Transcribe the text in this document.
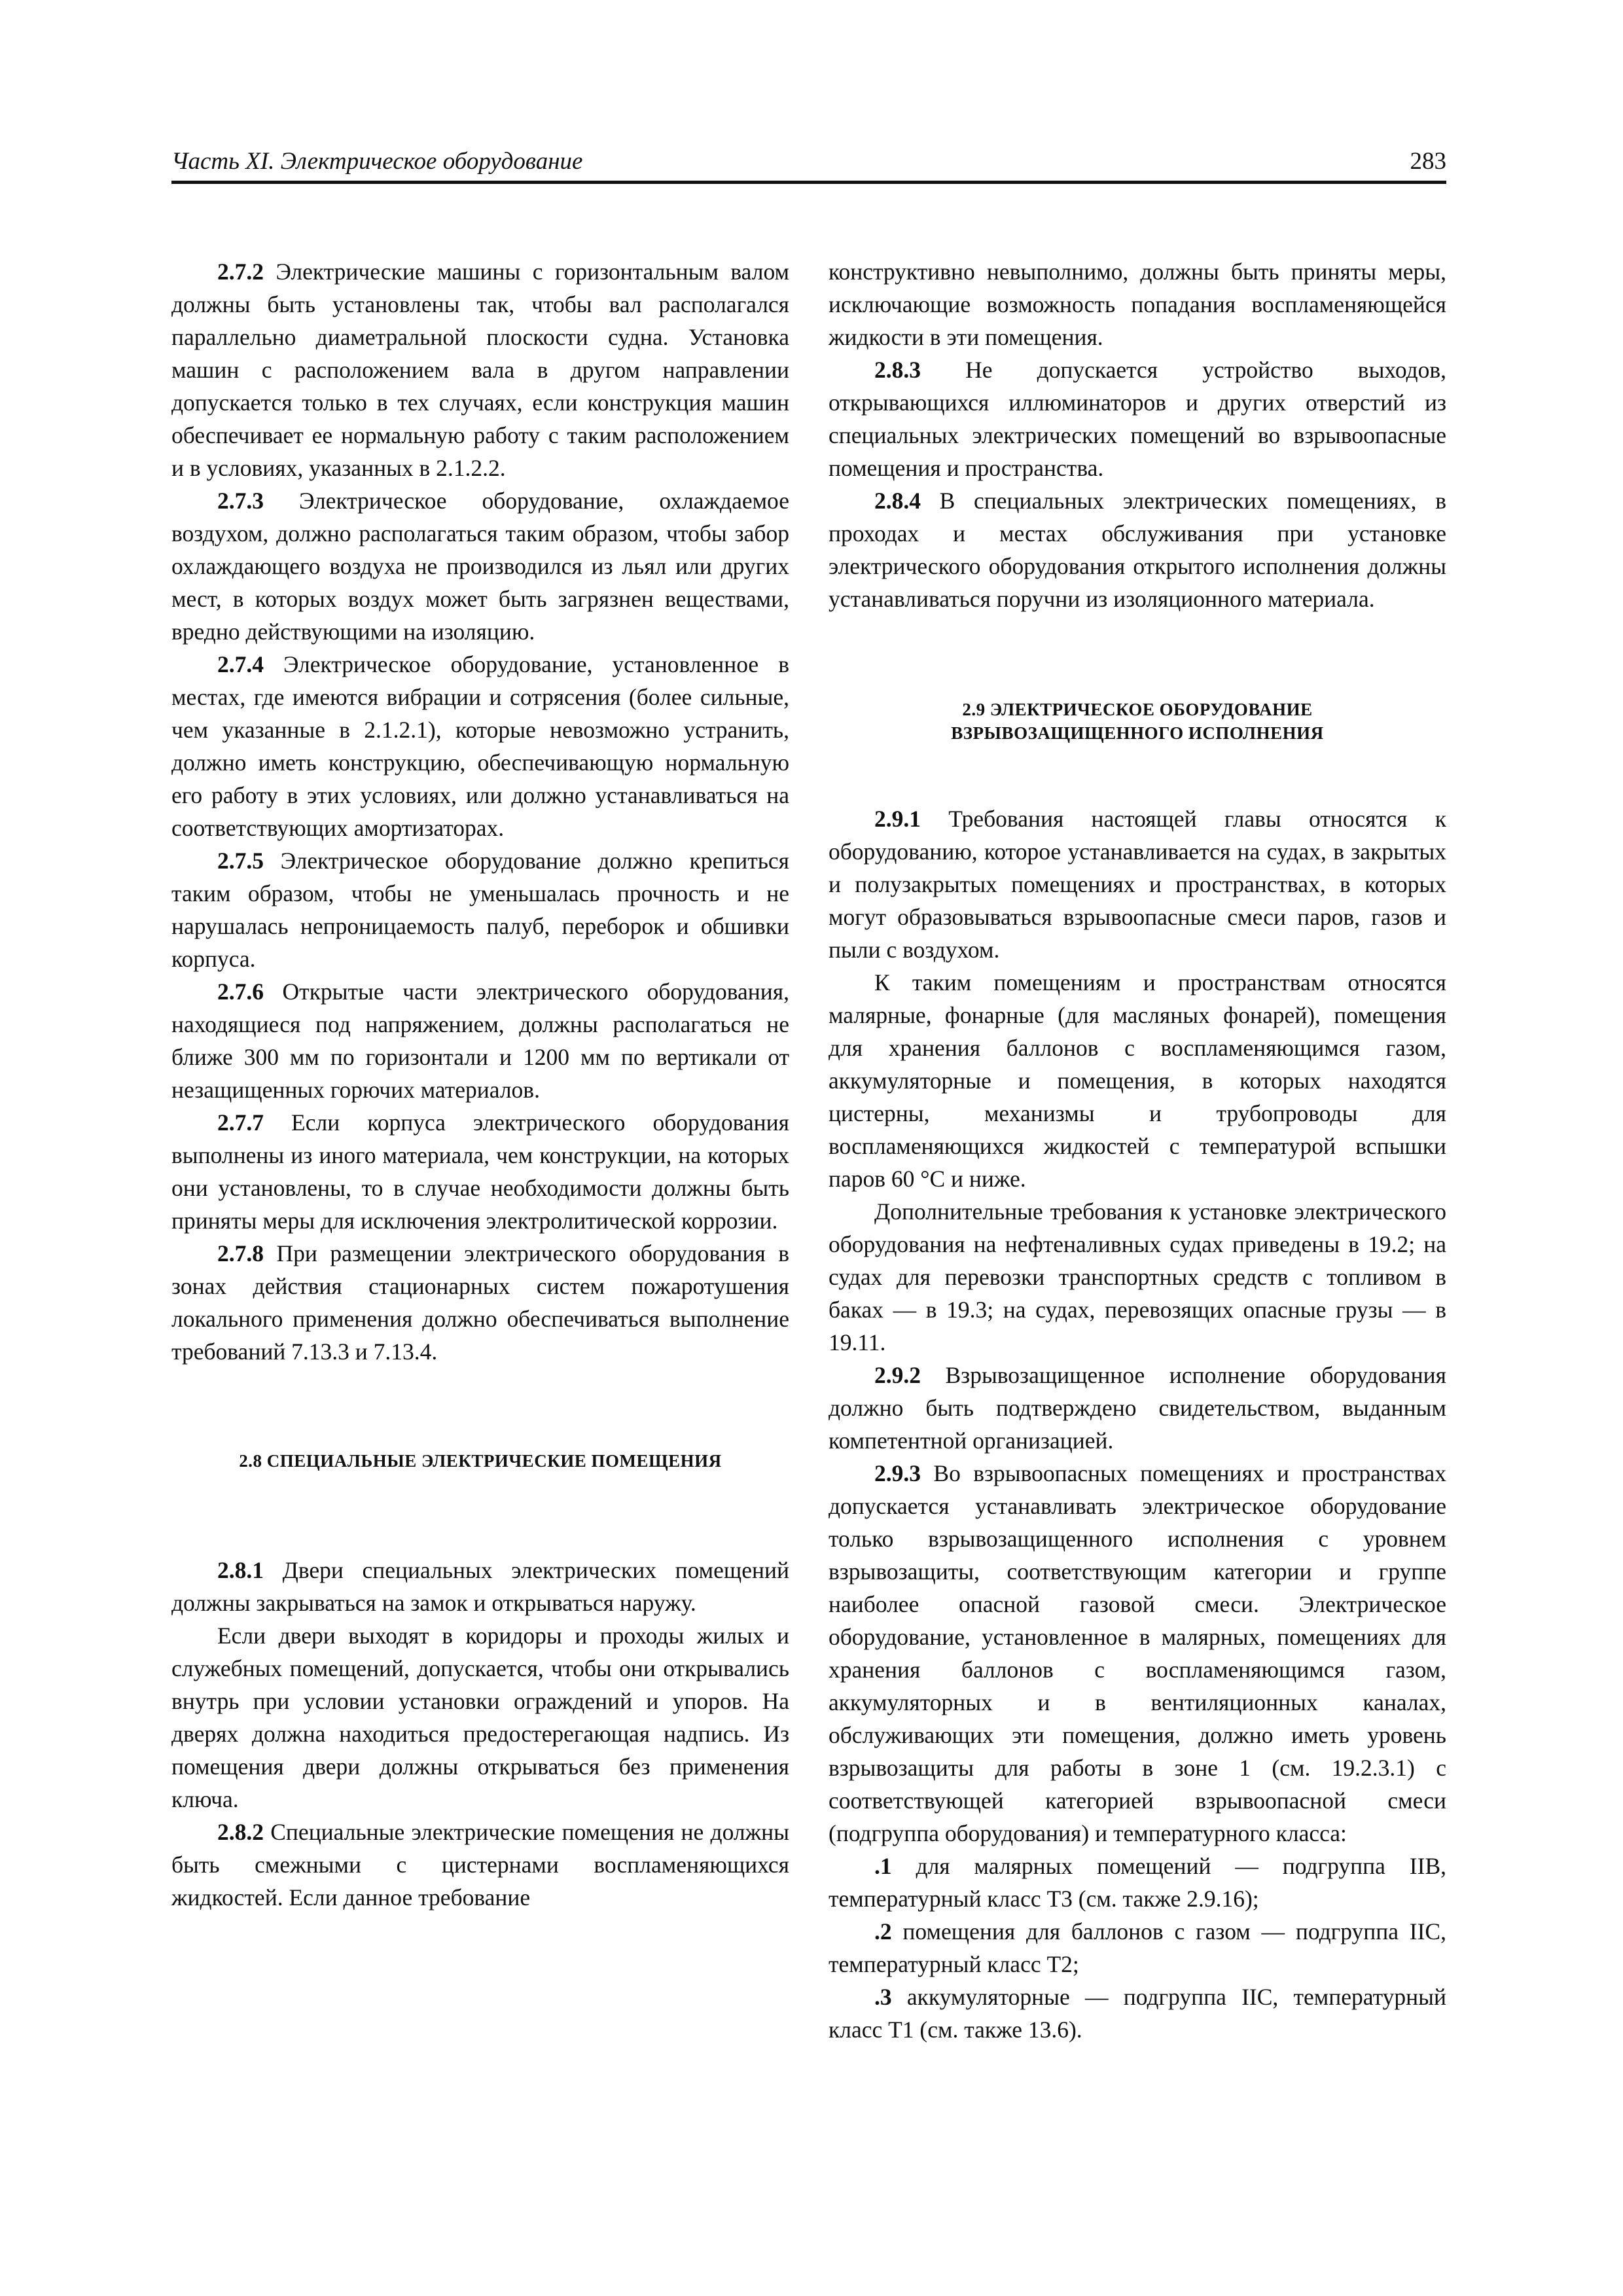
Часть XI. Электрическое оборудование	283

2.7.2 Электрические машины с горизонтальным валом должны быть установлены так, чтобы вал располагался параллельно диаметральной плоскости судна. Установка машин с расположением вала в другом направлении допускается только в тех случаях, если конструкция машин обеспечивает ее нормальную работу с таким расположением и в условиях, указанных в 2.1.2.2.

2.7.3 Электрическое оборудование, охлаждаемое воздухом, должно располагаться таким образом, чтобы забор охлаждающего воздуха не производился из льял или других мест, в которых воздух может быть загрязнен веществами, вредно действующими на изоляцию.

2.7.4 Электрическое оборудование, установленное в местах, где имеются вибрации и сотрясения (более сильные, чем указанные в 2.1.2.1), которые невозможно устранить, должно иметь конструкцию, обеспечивающую нормальную его работу в этих условиях, или должно устанавливаться на соответствующих амортизаторах.

2.7.5 Электрическое оборудование должно крепиться таким образом, чтобы не уменьшалась прочность и не нарушалась непроницаемость палуб, переборок и обшивки корпуса.

2.7.6 Открытые части электрического оборудования, находящиеся под напряжением, должны располагаться не ближе 300 мм по горизонтали и 1200 мм по вертикали от незащищенных горючих материалов.

2.7.7 Если корпуса электрического оборудования выполнены из иного материала, чем конструкции, на которых они установлены, то в случае необходимости должны быть приняты меры для исключения электролитической коррозии.

2.7.8 При размещении электрического оборудования в зонах действия стационарных систем пожаротушения локального применения должно обеспечиваться выполнение требований 7.13.3 и 7.13.4.

2.8 СПЕЦИАЛЬНЫЕ ЭЛЕКТРИЧЕСКИЕ ПОМЕЩЕНИЯ

2.8.1 Двери специальных электрических помещений должны закрываться на замок и открываться наружу.

Если двери выходят в коридоры и проходы жилых и служебных помещений, допускается, чтобы они открывались внутрь при условии установки ограждений и упоров. На дверях должна находиться предостерегающая надпись. Из помещения двери должны открываться без применения ключа.

2.8.2 Специальные электрические помещения не должны быть смежными с цистернами воспламеняющихся жидкостей. Если данное требование

конструктивно невыполнимо, должны быть приняты меры, исключающие возможность попадания воспламеняющейся жидкости в эти помещения.

2.8.3 Не допускается устройство выходов, открывающихся иллюминаторов и других отверстий из специальных электрических помещений во взрывоопасные помещения и пространства.

2.8.4 В специальных электрических помещениях, в проходах и местах обслуживания при установке электрического оборудования открытого исполнения должны устанавливаться поручни из изоляционного материала.

2.9 ЭЛЕКТРИЧЕСКОЕ ОБОРУДОВАНИЕ
ВЗРЫВОЗАЩИЩЕННОГО ИСПОЛНЕНИЯ

2.9.1 Требования настоящей главы относятся к оборудованию, которое устанавливается на судах, в закрытых и полузакрытых помещениях и пространствах, в которых могут образовываться взрывоопасные смеси паров, газов и пыли с воздухом.

К таким помещениям и пространствам относятся малярные, фонарные (для масляных фонарей), помещения для хранения баллонов с воспламеняющимся газом, аккумуляторные и помещения, в которых находятся цистерны, механизмы и трубопроводы для воспламеняющихся жидкостей с температурой вспышки паров 60 °С и ниже.

Дополнительные требования к установке электрического оборудования на нефтеналивных судах приведены в 19.2; на судах для перевозки транспортных средств с топливом в баках — в 19.3; на судах, перевозящих опасные грузы — в 19.11.

2.9.2 Взрывозащищенное исполнение оборудования должно быть подтверждено свидетельством, выданным компетентной организацией.

2.9.3 Во взрывоопасных помещениях и пространствах допускается устанавливать электрическое оборудование только взрывозащищенного исполнения с уровнем взрывозащиты, соответствующим категории и группе наиболее опасной газовой смеси. Электрическое оборудование, установленное в малярных, помещениях для хранения баллонов с воспламеняющимся газом, аккумуляторных и в вентиляционных каналах, обслуживающих эти помещения, должно иметь уровень взрывозащиты для работы в зоне 1 (см. 19.2.3.1) с соответствующей категорией взрывоопасной смеси (подгруппа оборудования) и температурного класса:

.1 для малярных помещений — подгруппа IIВ, температурный класс Т3 (см. также 2.9.16);

.2 помещения для баллонов с газом — подгруппа IIС, температурный класс Т2;

.3 аккумуляторные — подгруппа IIС, температурный класс Т1 (см. также 13.6).
